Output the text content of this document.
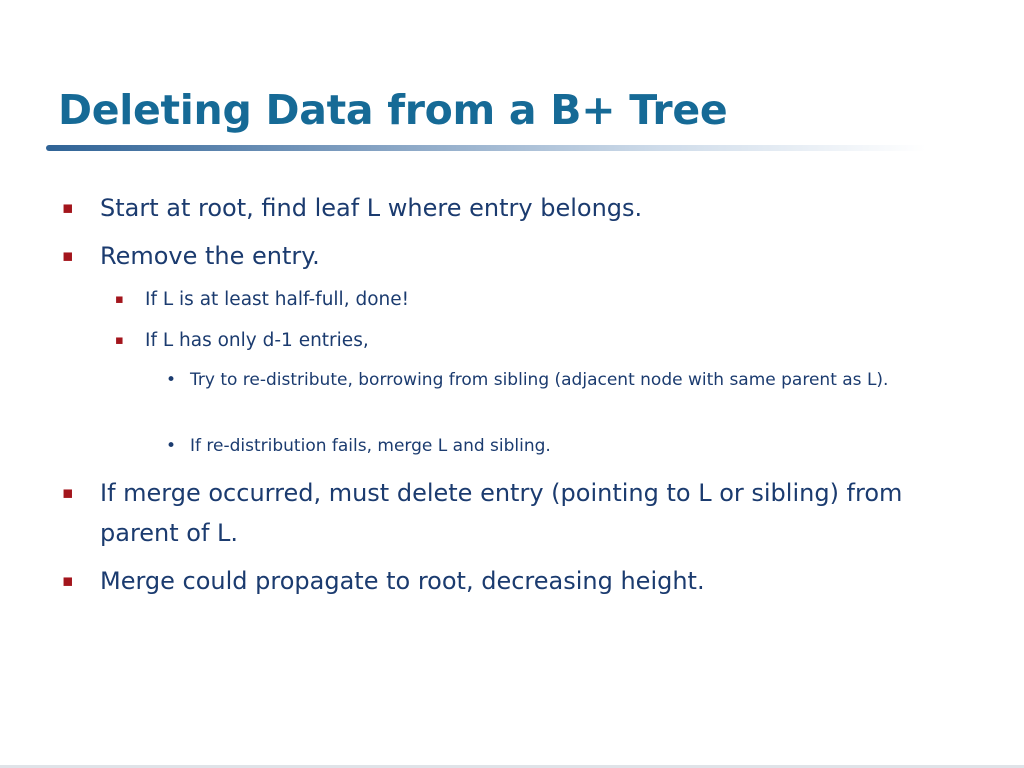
Deleting Data from a B+ Tree
▪ Start at root, find leaf L where entry belongs.
▪ Remove the entry.
▪ If L is at least half-full, done!
▪ If L has only d-1 entries,
• Try to re-distribute, borrowing from sibling (adjacent node with same parent as L).
• If re-distribution fails, merge L and sibling.
▪ If merge occurred, must delete entry (pointing to L or sibling) from parent of L.
▪ Merge could propagate to root, decreasing height.
